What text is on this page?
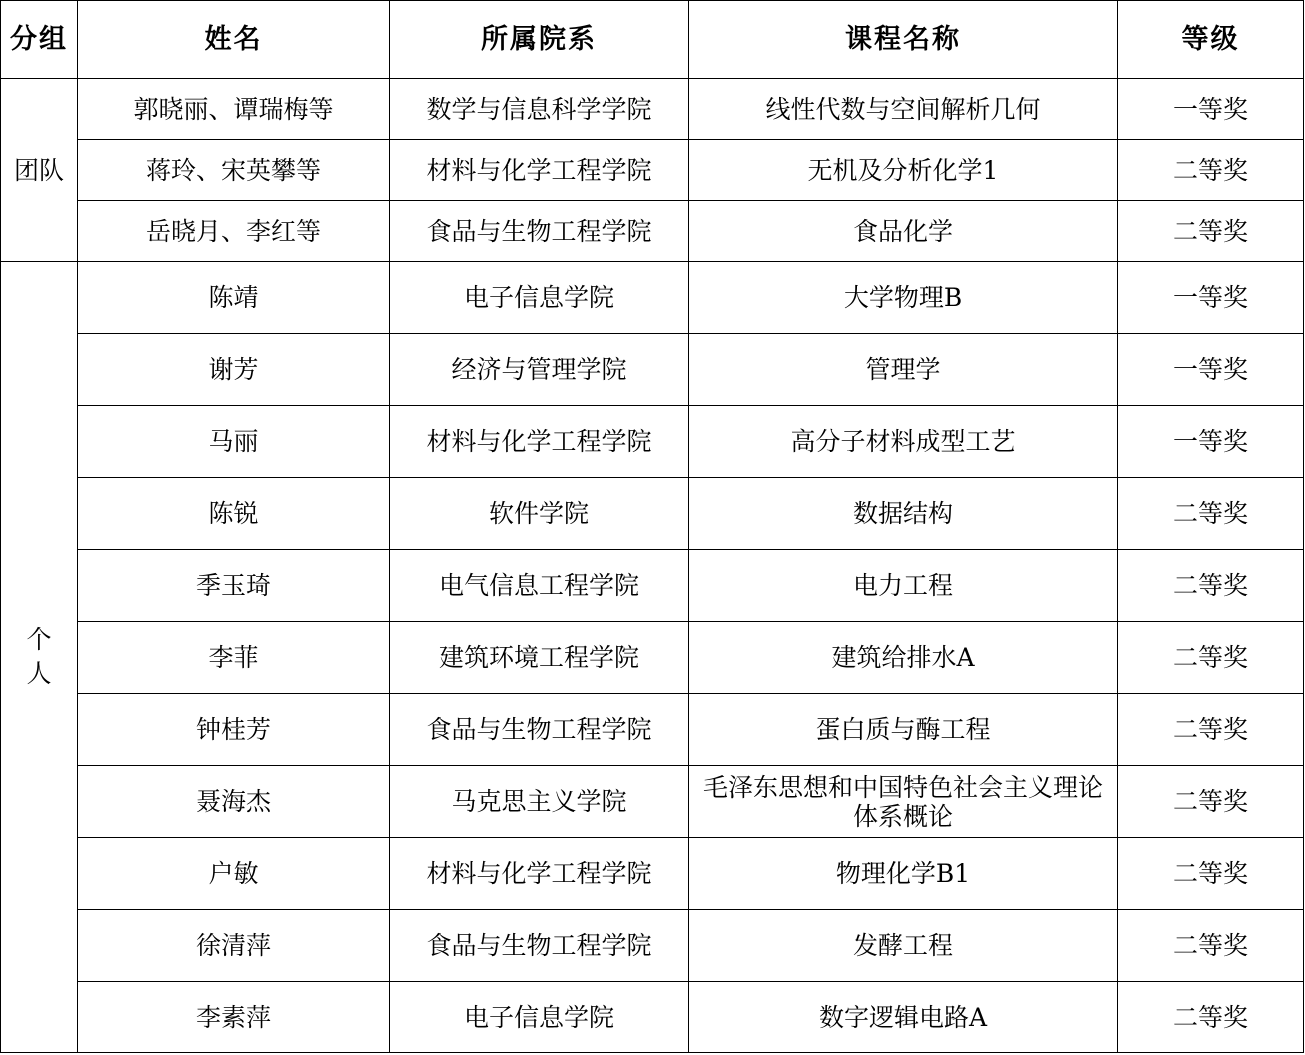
分组	姓名	所属院系	课程名称	等级
团队	郭晓丽、谭瑞梅等	数学与信息科学学院	线性代数与空间解析几何	一等奖
	蒋玲、宋英攀等	材料与化学工程学院	无机及分析化学1	二等奖
	岳晓月、李红等	食品与生物工程学院	食品化学	二等奖
个人	陈靖	电子信息学院	大学物理B	一等奖
	谢芳	经济与管理学院	管理学	一等奖
	马丽	材料与化学工程学院	高分子材料成型工艺	一等奖
	陈锐	软件学院	数据结构	二等奖
	季玉琦	电气信息工程学院	电力工程	二等奖
	李菲	建筑环境工程学院	建筑给排水A	二等奖
	钟桂芳	食品与生物工程学院	蛋白质与酶工程	二等奖
	聂海杰	马克思主义学院	毛泽东思想和中国特色社会主义理论体系概论	二等奖
	户敏	材料与化学工程学院	物理化学B1	二等奖
	徐清萍	食品与生物工程学院	发酵工程	二等奖
	李素萍	电子信息学院	数字逻辑电路A	二等奖
